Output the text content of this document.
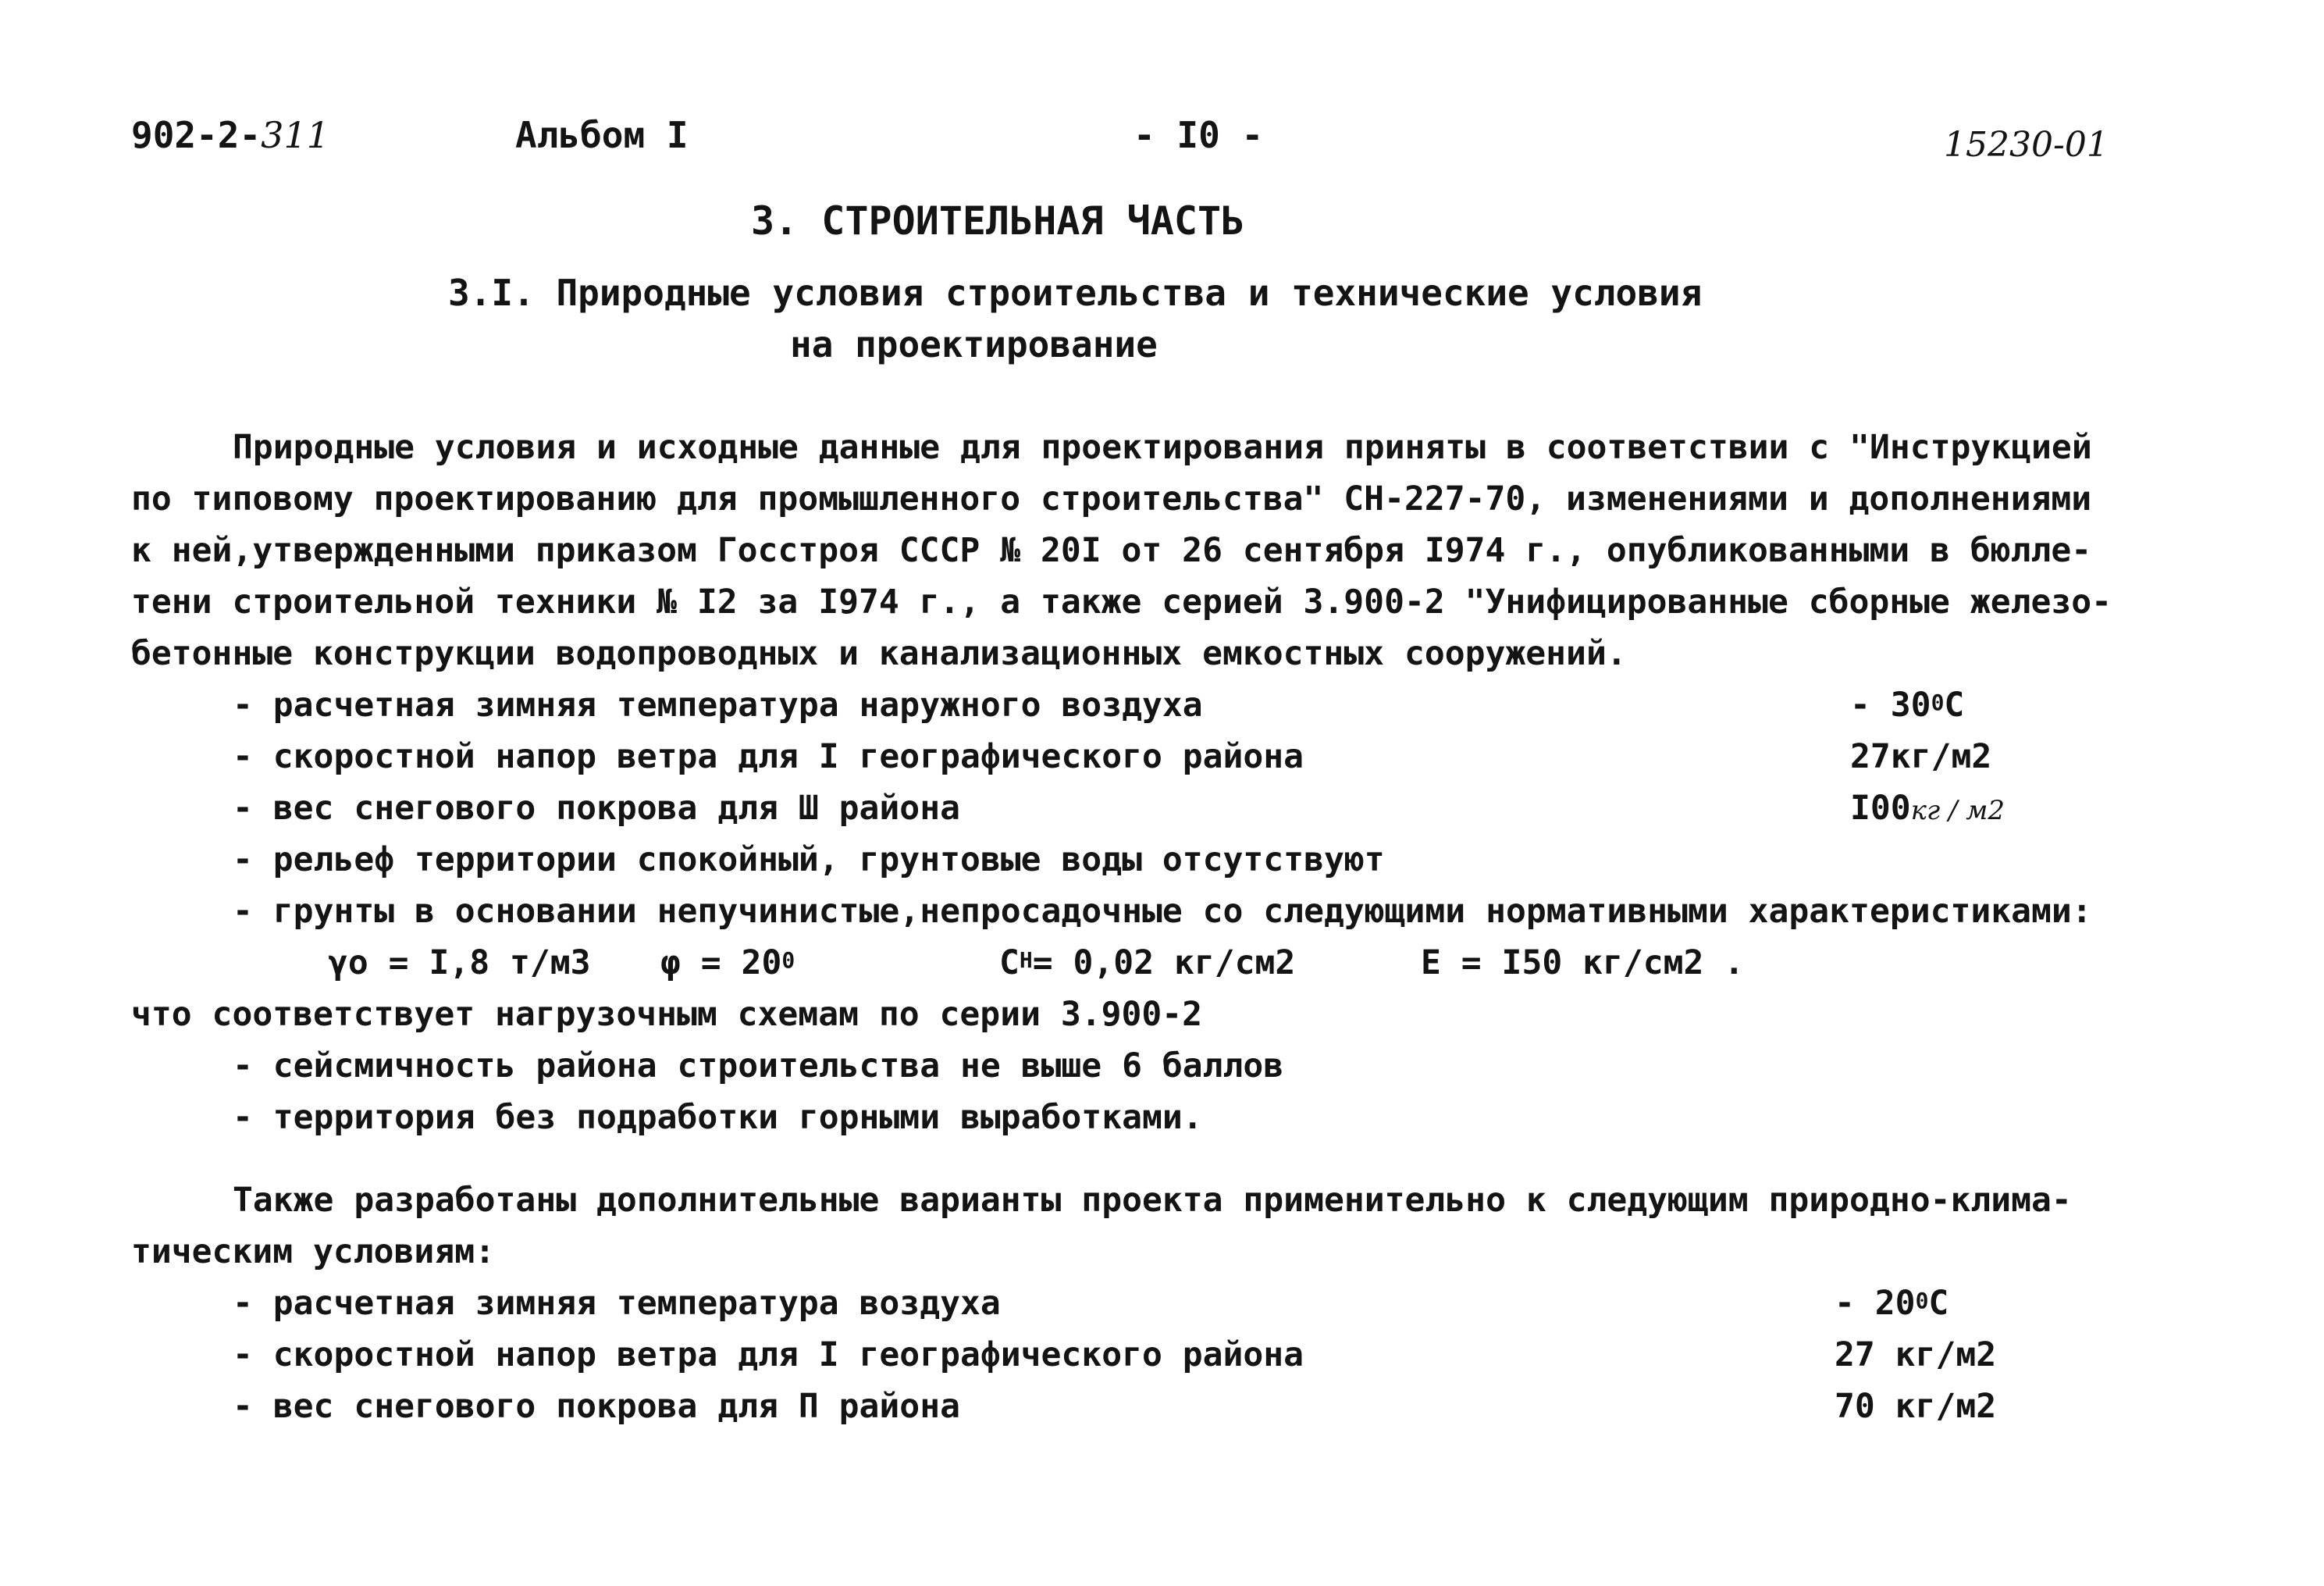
902-2-311	Альбом I	- I0 -	15230-01
3. СТРОИТЕЛЬНАЯ ЧАСТЬ
3.I. Природные условия строительства и технические условия
на проектирование
Природные условия и исходные данные для проектирования приняты в соответствии с "Инструкцией
по типовому проектированию для промышленного строительства" СН-227-70, изменениями и дополнениями
к ней,утвержденными приказом Госстроя СССР № 20I от 26 сентября I974 г., опубликованными в бюлле-
тени строительной техники № I2 за I974 г., а также серией 3.900-2 "Унифицированные сборные железо-
бетонные конструкции водопроводных и канализационных емкостных сооружений.
- расчетная зимняя температура наружного воздуха	- $30^0C$
- скоростной напор ветра для I географического района	27кг/м2
- вес снегового покрова для Ш района	I00кг / м2
- рельеф территории спокойный, грунтовые воды отсутствуют
- грунты в основании непучинистые,непросадочные со следующими нормативными характеристиками:
γо = I,8 т/м3 $\varphi = 20^0$	$С^Н= 0,02$ кг/см2	Е = I50 кг/см2 .
что соответствует нагрузочным схемам по серии 3.900-2
- сейсмичность района строительства не выше 6 баллов
- территория без подработки горными выработками.
Также разработаны дополнительные варианты проекта применительно к следующим природно-клима-
тическим условиям:
- расчетная зимняя температура воздуха	- $20^0C$
- скоростной напор ветра для I географического района	27 кг/м2
- вес снегового покрова для П района	70 кг/м2
